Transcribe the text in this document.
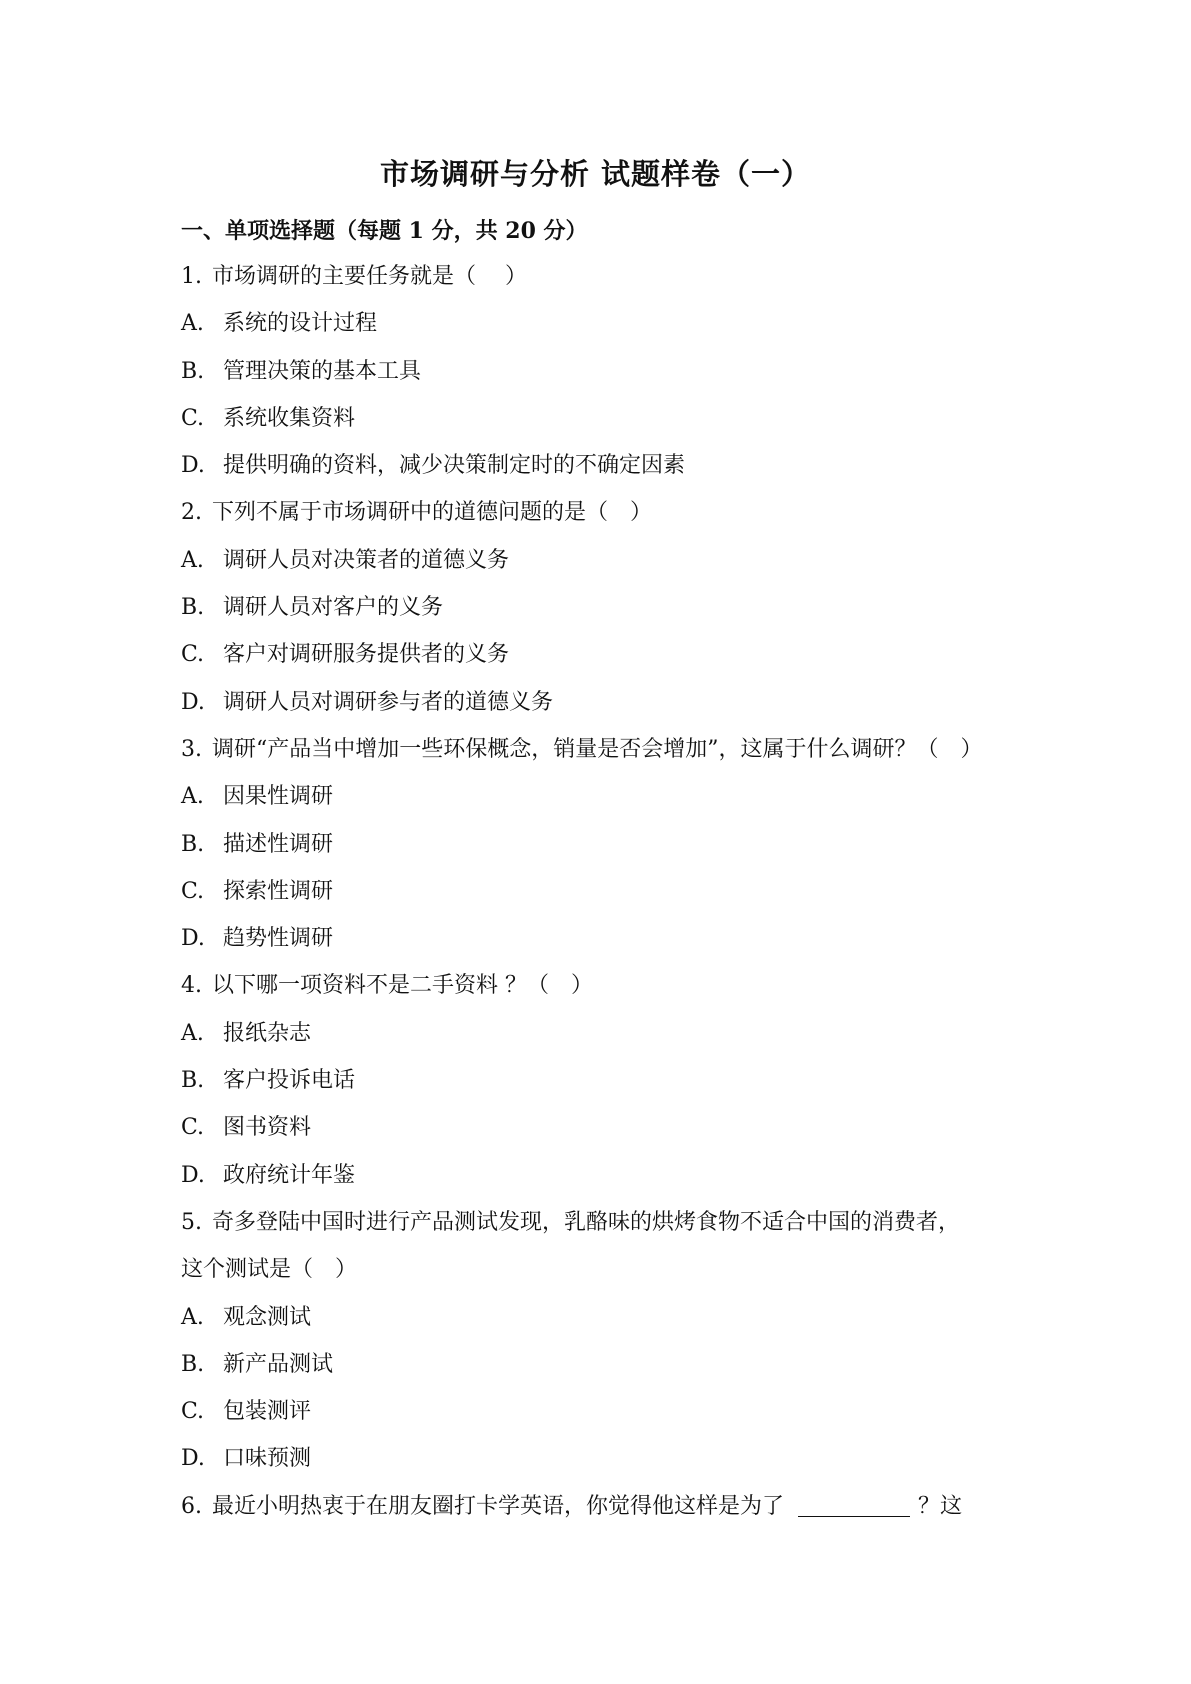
市场调研与分析 试题样卷（一）
一、单项选择题（每题 1 分，共 20 分）
1. 市场调研的主要任务就是（　 ）
A. 系统的设计过程
B. 管理决策的基本工具
C. 系统收集资料
D. 提供明确的资料，减少决策制定时的不确定因素
2. 下列不属于市场调研中的道德问题的是（　）
A. 调研人员对决策者的道德义务
B. 调研人员对客户的义务
C. 客户对调研服务提供者的义务
D. 调研人员对调研参与者的道德义务
3. 调研“产品当中增加一些环保概念，销量是否会增加”，这属于什么调研？（　）
A. 因果性调研
B. 描述性调研
C. 探索性调研
D. 趋势性调研
4. 以下哪一项资料不是二手资料 ？（　）
A. 报纸杂志
B. 客户投诉电话
C. 图书资料
D. 政府统计年鉴
5. 奇多登陆中国时进行产品测试发现，乳酪味的烘烤食物不适合中国的消费者，
这个测试是（　）
A. 观念测试
B. 新产品测试
C. 包装测评
D. 口味预测
6. 最近小明热衷于在朋友圈打卡学英语，你觉得他这样是为了	？这
